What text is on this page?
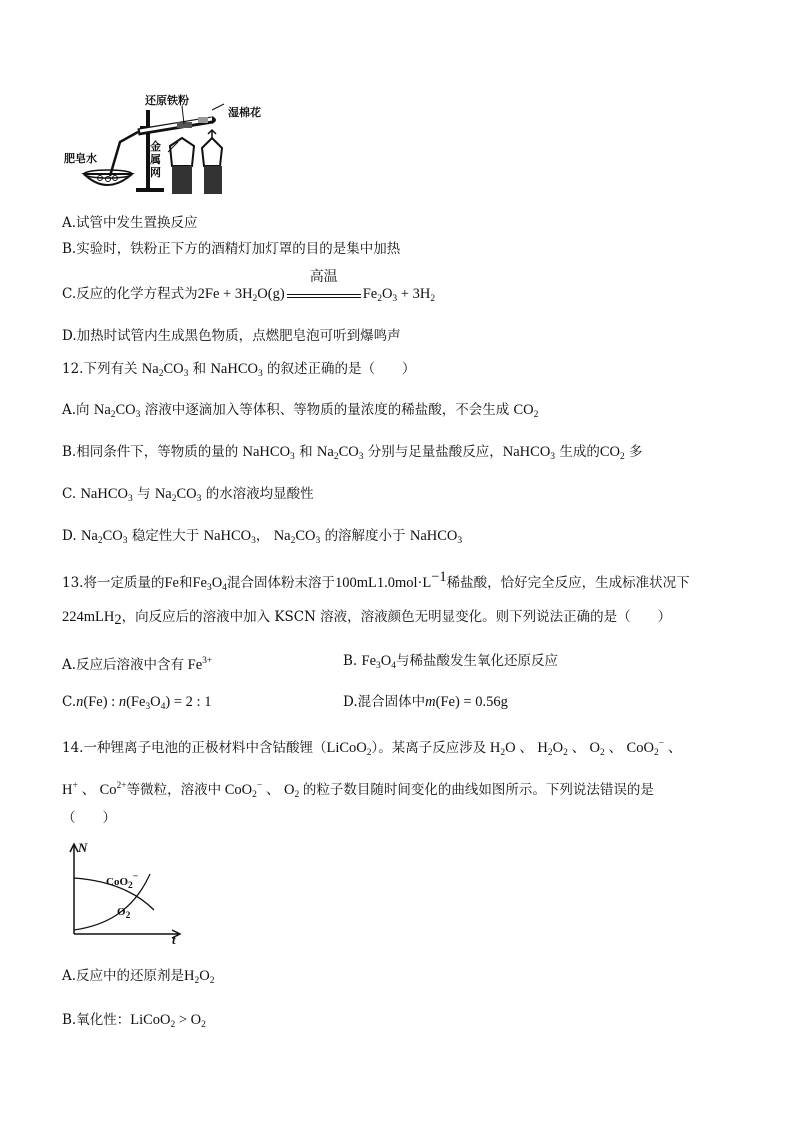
还原铁粉
湿棉花
肥皂水
金
属
网
A.试管中发生置换反应
B.实验时，铁粉正下方的酒精灯加灯罩的目的是集中加热
C.反应的化学方程式为$2Fe + 3H_2O(g)$
高温
$Fe_2O_3 + 3H_2$
D.加热时试管内生成黑色物质，点燃肥皂泡可听到爆鸣声
12.下列有关 $Na_2CO_3$ 和 NaHCO$_3$ 的叙述正确的是（　　）
A.向 $Na_2CO_3$ 溶液中逐滴加入等体积、等物质的量浓度的稀盐酸，不会生成 $CO_2$
B.相同条件下，等物质的量的 NaHCO$_3$ 和 $Na_2CO_3$ 分别与足量盐酸反应，NaHCO$_3$ 生成的$CO_2$ 多
C. NaHCO$_3$ 与 $Na_2CO_3$ 的水溶液均显酸性
D. $Na_2CO_3$ 稳定性大于 NaHCO$_3$， $Na_2CO_3$ 的溶解度小于 NaHCO$_3$
13.将一定质量的Fe和$Fe_3O_4$混合固体粉末溶于100mL1.0mol·L−1稀盐酸，恰好完全反应，生成标准状况下
224mLH2，向反应后的溶液中加入 KSCN 溶液，溶液颜色无明显变化。则下列说法正确的是（　　）
A.反应后溶液中含有 $Fe^{3+}$	B. $Fe_3O_4$与稀盐酸发生氧化还原反应
C.n(Fe) : $n(Fe_3O_4) = 2$ : 1	D.混合固体中m(Fe) = 0.56g
14.一种锂离子电池的正极材料中含钴酸锂（LiCoO$_2$）。某离子反应涉及 $H_2O$ 、 $H_2O_2$ 、 $O_2$ 、 CoO$_2$− 、
H+ 、 $Co^{2+}$等微粒，溶液中 CoO$_2$− 、 $O_2$ 的粒子数目随时间变化的曲线如图所示。下列说法错误的是
（　　）
N
t
CoO2−
O2
A.反应中的还原剂是$H_2O_2$
B.氧化性：LiCoO$_2$ > $O_2$
